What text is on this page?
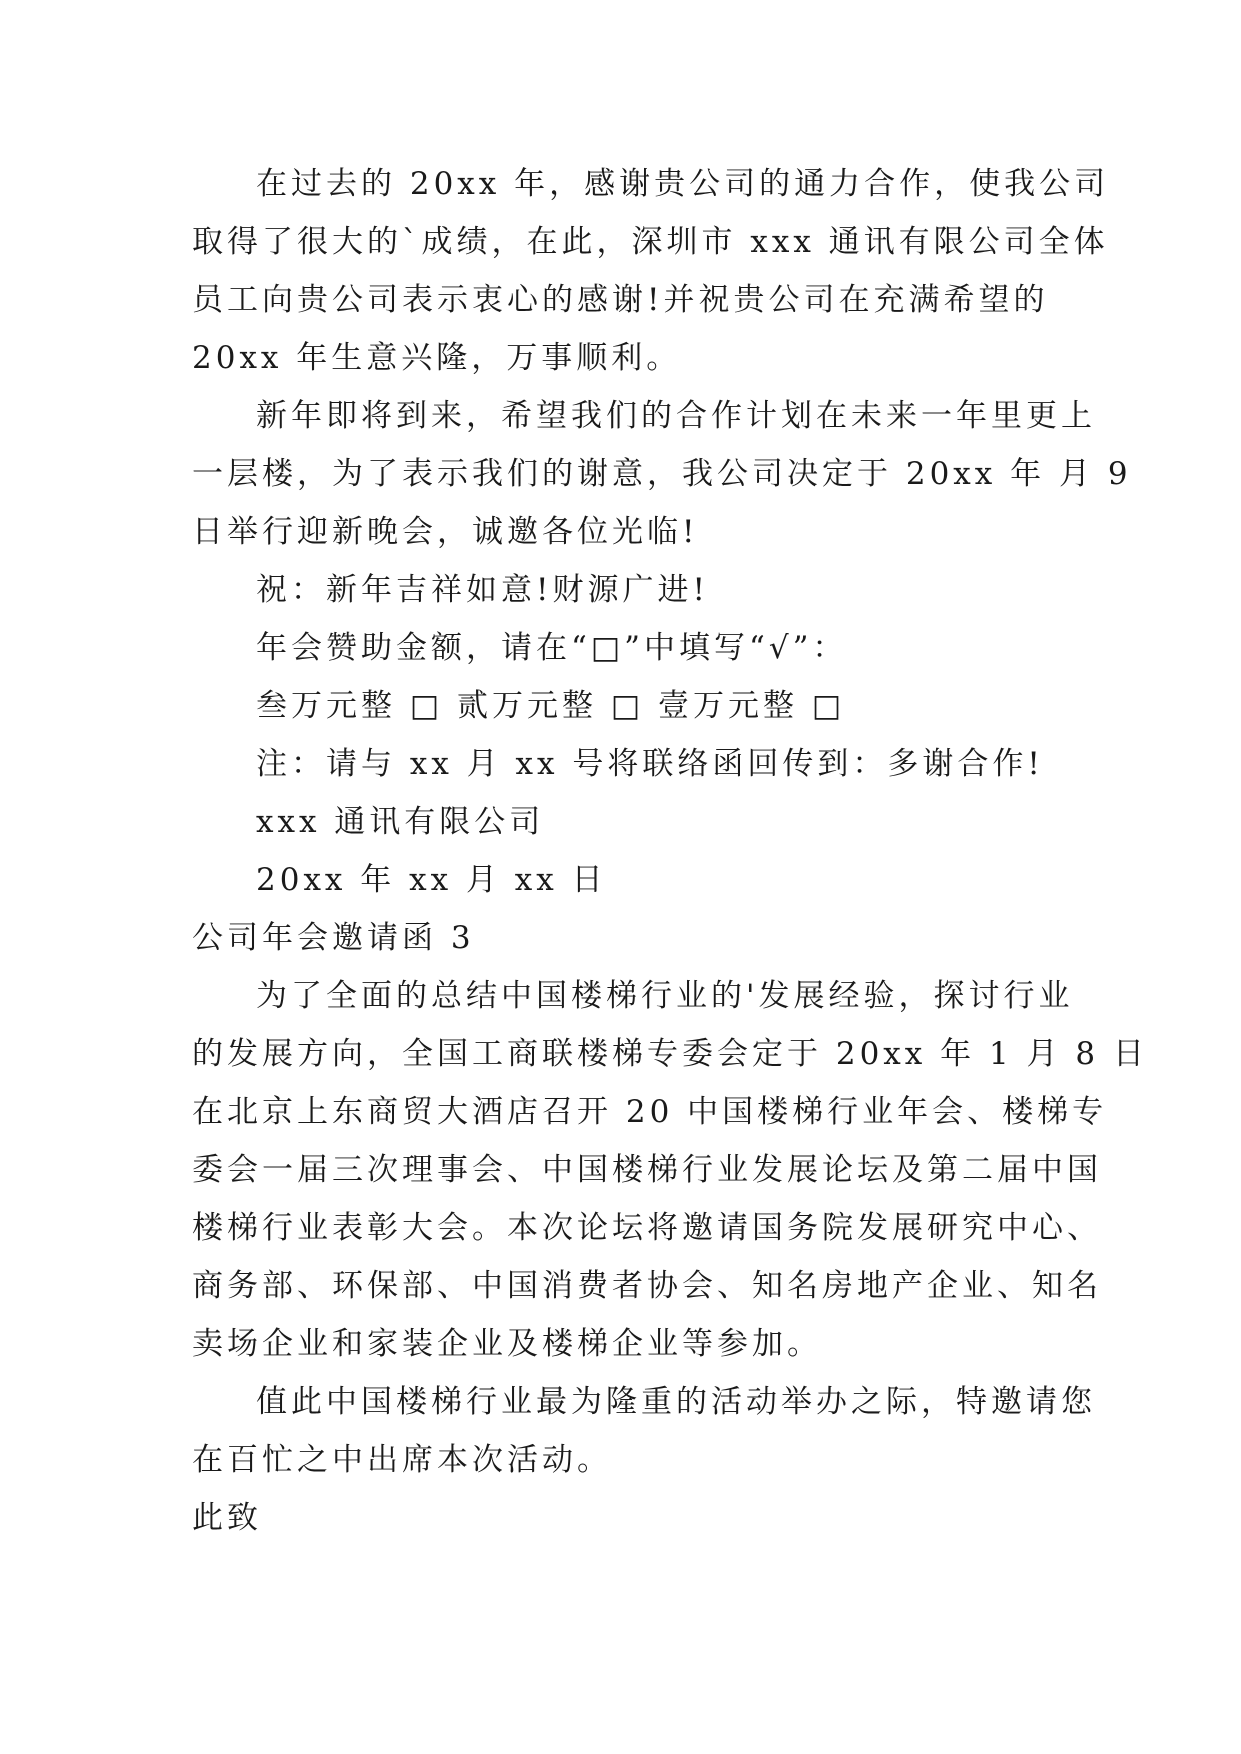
在过去的 20xx 年，感谢贵公司的通力合作，使我公司
取得了很大的`成绩，在此，深圳市 xxx 通讯有限公司全体
员工向贵公司表示衷心的感谢!并祝贵公司在充满希望的
20xx 年生意兴隆，万事顺利。
新年即将到来，希望我们的合作计划在未来一年里更上
一层楼，为了表示我们的谢意，我公司决定于 20xx 年 月 9
日举行迎新晚会，诚邀各位光临!
祝：新年吉祥如意!财源广进!
年会赞助金额，请在“□”中填写“√”：
叁万元整 □ 贰万元整 □ 壹万元整 □
注：请与 xx 月 xx 号将联络函回传到：多谢合作!
xxx 通讯有限公司
20xx 年 xx 月 xx 日
公司年会邀请函 3
为了全面的总结中国楼梯行业的'发展经验，探讨行业
的发展方向，全国工商联楼梯专委会定于 20xx 年 1 月 8 日
在北京上东商贸大酒店召开 20 中国楼梯行业年会、楼梯专
委会一届三次理事会、中国楼梯行业发展论坛及第二届中国
楼梯行业表彰大会。本次论坛将邀请国务院发展研究中心、
商务部、环保部、中国消费者协会、知名房地产企业、知名
卖场企业和家装企业及楼梯企业等参加。
值此中国楼梯行业最为隆重的活动举办之际，特邀请您
在百忙之中出席本次活动。
此致
